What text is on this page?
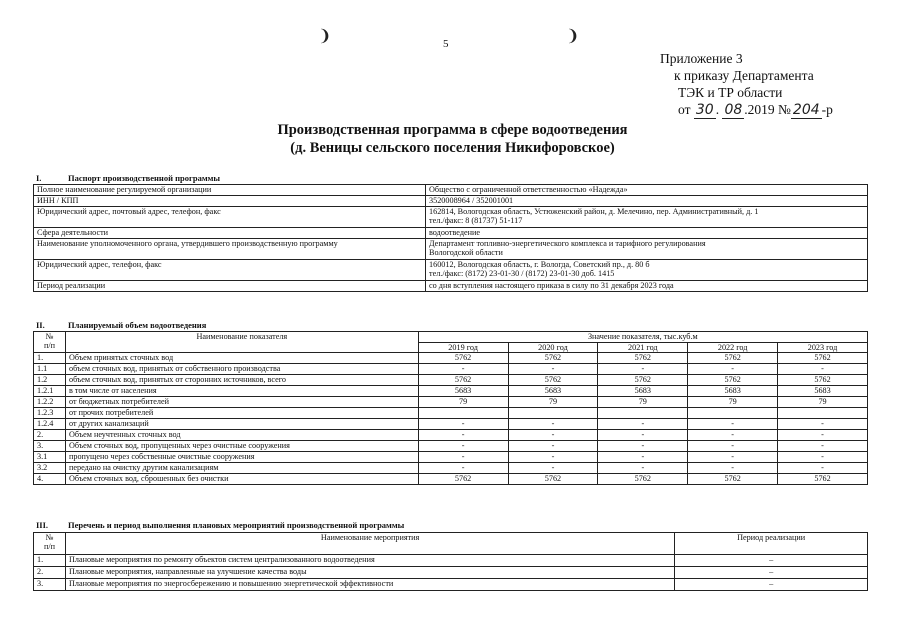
❩	❩
5
Приложение 3
к приказу Департамента
ТЭК и ТР области
от 30 . 08 .2019 № 204 -р
Производственная программа в сфере водоотведения
(д. Веницы сельского поселения Никифоровское)
I.	Паспорт производственной программы
Полное наименование регулируемой организации	Общество с ограниченной ответственностью «Надежда»

ИНН / КПП	3520008964 / 352001001

Юридический адрес, почтовый адрес, телефон, факс	162814, Вологодская область, Устюженский район, д. Мелечино, пер. Административный, д. 1
тел./факс: 8 (81737) 51-117

Сфера деятельности	водоотведение

Наименование уполномоченного органа, утвердившего производственную программу	Департамент топливно-энергетического комплекса и тарифного регулирования
Вологодской области

Юридический адрес, телефон, факс	160012, Вологодская область, г. Вологда, Советский пр., д. 80 б
тел./факс: (8172) 23-01-30 / (8172) 23-01-30 доб. 1415

Период реализации	со дня вступления настоящего приказа в силу по 31 декабря 2023 года
II.	Планируемый объем водоотведения
№
п/п	Наименование показателя	Значение показателя, тыс.куб.м				
		2019 год	2020 год	2021 год	2022 год	2023 год
1.	Объем принятых сточных вод	5762	5762	5762	5762	5762
1.1	объем сточных вод, принятых от собственного производства	-	-	-	-	-
1.2	объем сточных вод, принятых от сторонних источников, всего	5762	5762	5762	5762	5762
1.2.1	в том числе от населения	5683	5683	5683	5683	5683
1.2.2	от бюджетных потребителей	79	79	79	79	79
1.2.3	от прочих потребителей					
1.2.4	от других канализаций	-	-	-	-	-
2.	Объем неучтенных сточных вод	-	-	-	-	-
3.	Объем сточных вод, пропущенных через очистные сооружения	-	-	-	-	-
3.1	пропущено через собственные очистные сооружения	-	-	-	-	-
3.2	передано на очистку другим канализациям	-	-	-	-	-
4.	Объем сточных вод, сброшенных без очистки	5762	5762	5762	5762	5762
III. Перечень и период выполнения плановых мероприятий производственной программы
№
п/п	Наименование мероприятия	Период реализации
1.	Плановые мероприятия по ремонту объектов систем централизованного водоотведения	–
2.	Плановые мероприятия, направленные на улучшение качества воды	–
3.	Плановые мероприятия по энергосбережению и повышению энергетической эффективности	–
